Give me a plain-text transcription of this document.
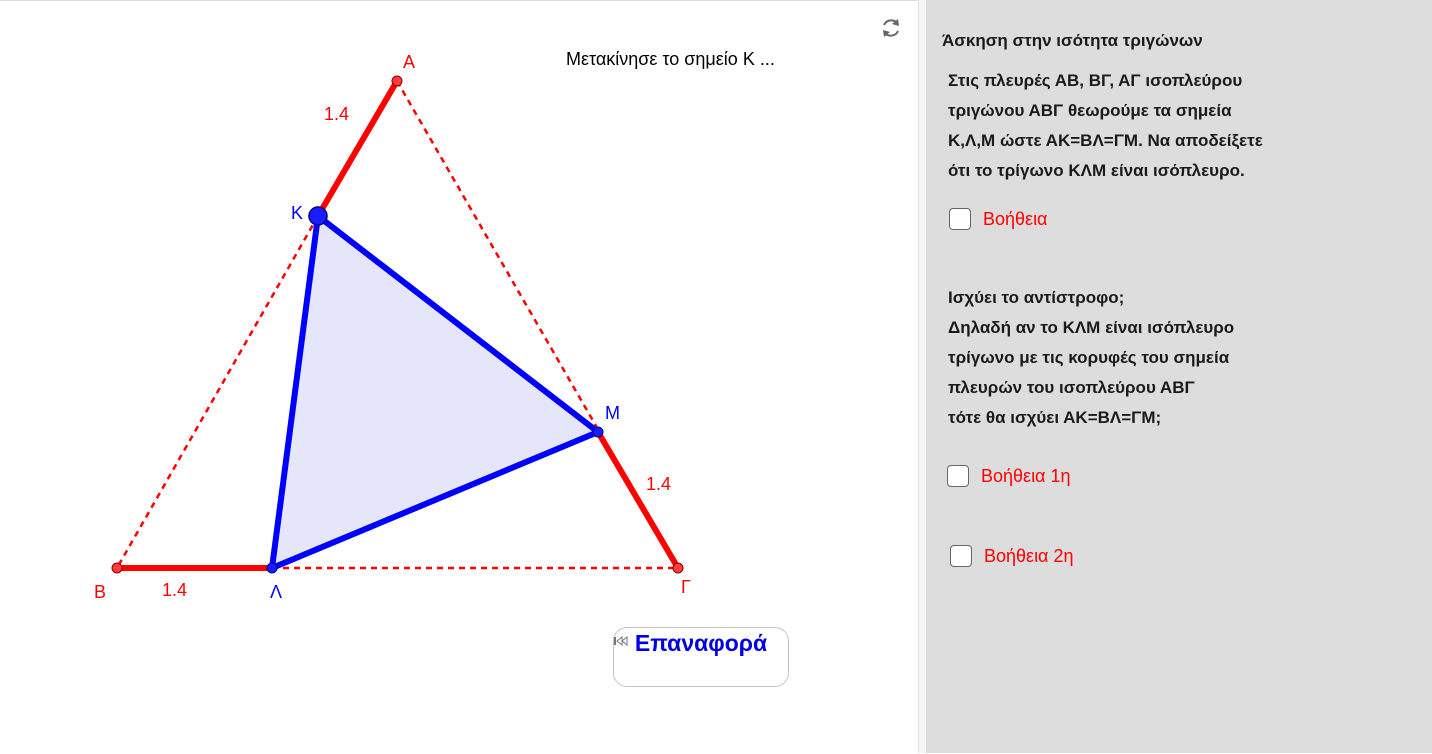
Α
Β	Γ
Κ
Λ
Μ
1.4
1.4
1.4
Μετακίνησε το σημείο Κ ...
Επαναφορά
Άσκηση στην ισότητα τριγώνων
Στις πλευρές ΑΒ, ΒΓ, ΑΓ ισοπλεύρου
τριγώνου ΑΒΓ θεωρούμε τα σημεία
Κ,Λ,Μ ώστε ΑΚ=ΒΛ=ΓΜ. Να αποδείξετε
ότι το τρίγωνο ΚΛΜ είναι ισόπλευρο.
Βοήθεια
Ισχύει το αντίστροφο;
Δηλαδή αν το ΚΛΜ είναι ισόπλευρο
τρίγωνο με τις κορυφές του σημεία
πλευρών του ισοπλεύρου ΑΒΓ
τότε θα ισχύει ΑΚ=ΒΛ=ΓΜ;
Βοήθεια 1η
Βοήθεια 2η
